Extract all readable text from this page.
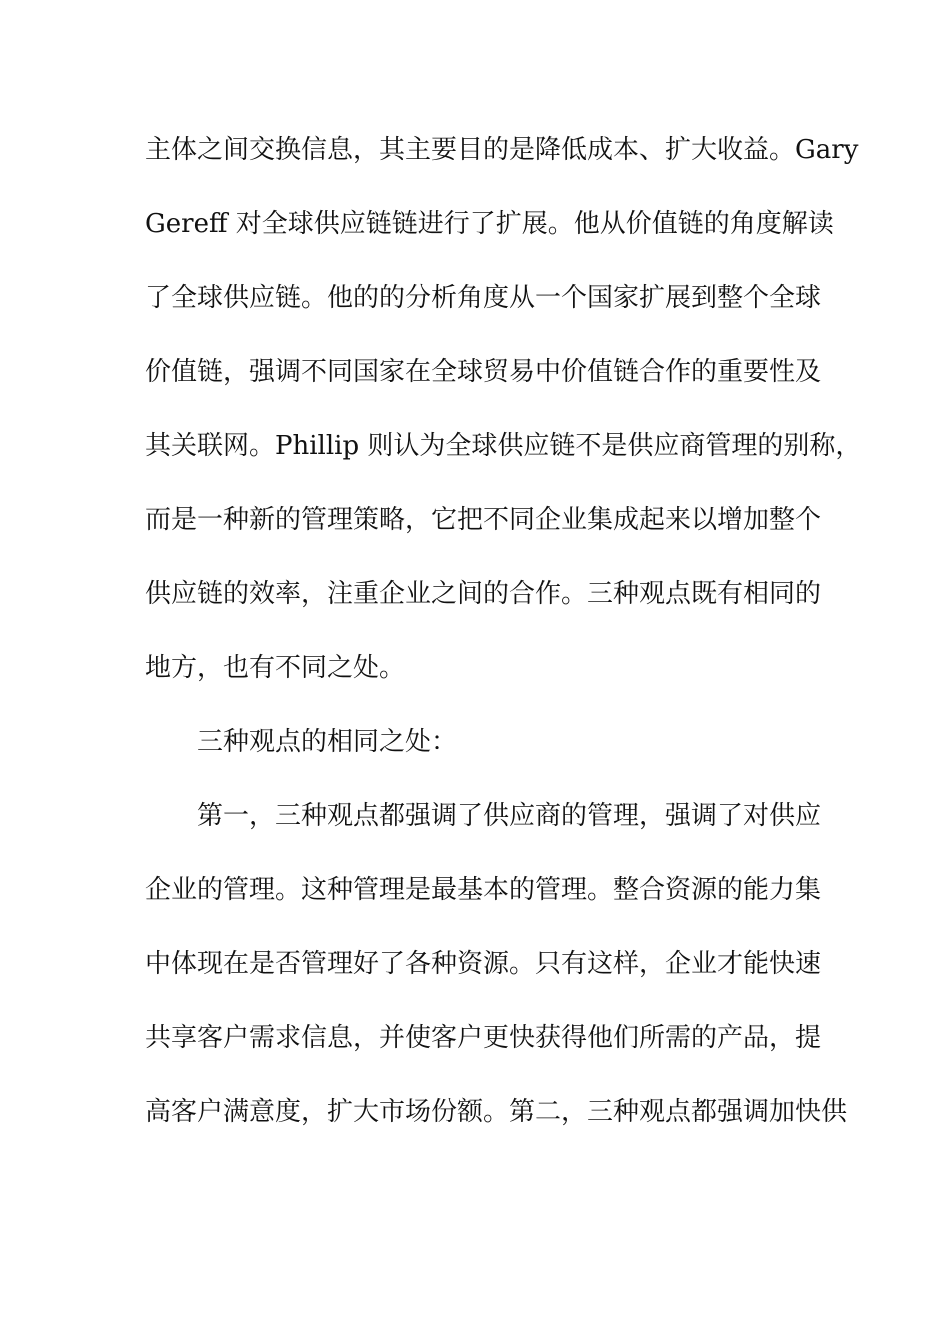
主体之间交换信息，其主要目的是降低成本、扩大收益。Gary
Gereff 对全球供应链链进行了扩展。他从价值链的角度解读
了全球供应链。他的的分析角度从一个国家扩展到整个全球
价值链，强调不同国家在全球贸易中价值链合作的重要性及
其关联网。Phillip 则认为全球供应链不是供应商管理的别称，
而是一种新的管理策略，它把不同企业集成起来以增加整个
供应链的效率，注重企业之间的合作。三种观点既有相同的
地方，也有不同之处。
三种观点的相同之处：
第一，三种观点都强调了供应商的管理，强调了对供应
企业的管理。这种管理是最基本的管理。整合资源的能力集
中体现在是否管理好了各种资源。只有这样，企业才能快速
共享客户需求信息，并使客户更快获得他们所需的产品，提
高客户满意度，扩大市场份额。第二，三种观点都强调加快供
